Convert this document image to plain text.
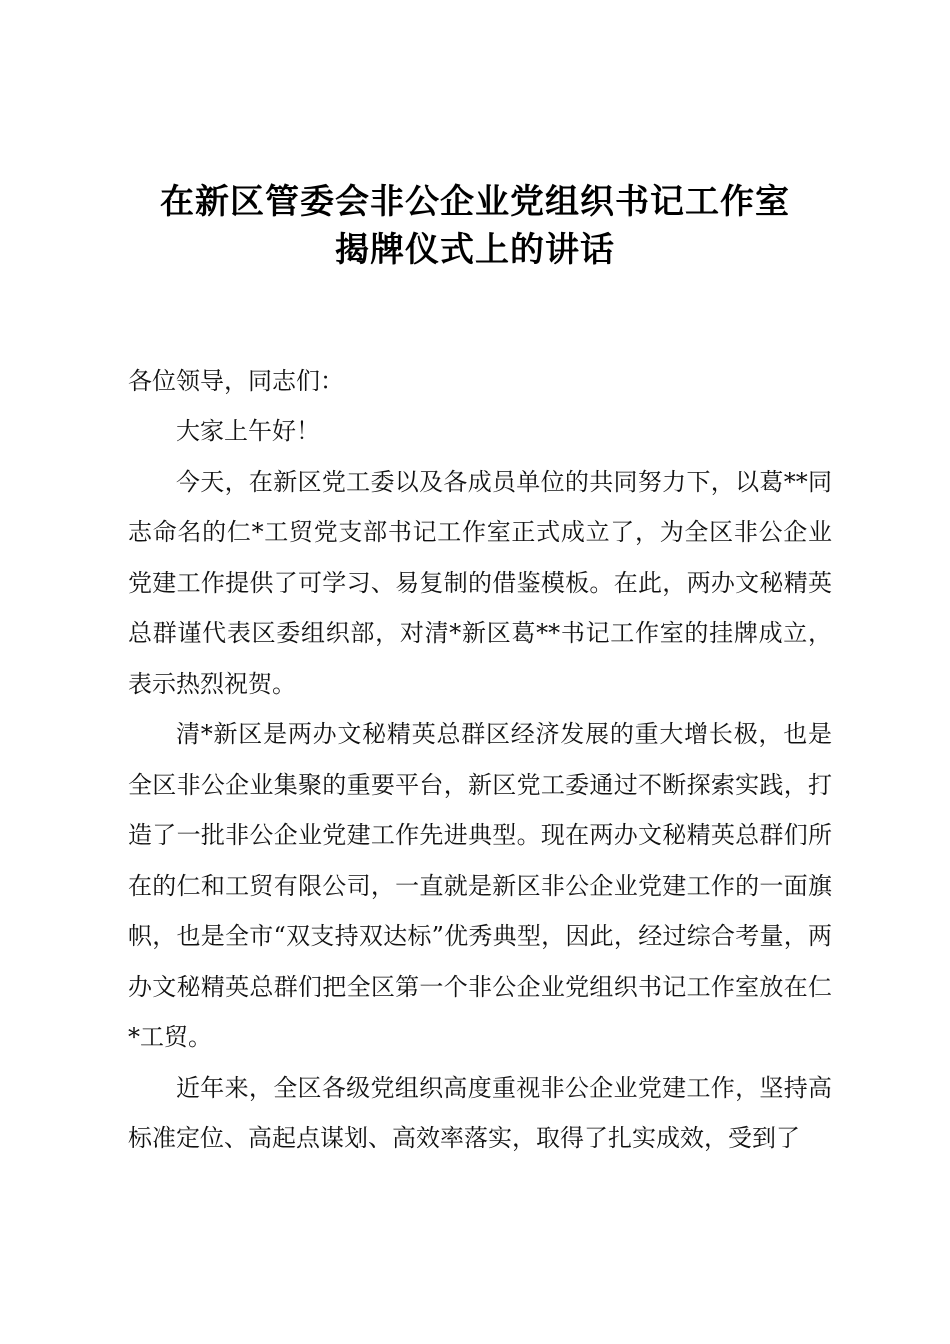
在新区管委会非公企业党组织书记工作室
揭牌仪式上的讲话
各位领导，同志们：

大家上午好！

今天，在新区党工委以及各成员单位的共同努力下，以葛**同志命名的仁*工贸党支部书记工作室正式成立了，为全区非公企业党建工作提供了可学习、易复制的借鉴模板。在此，两办文秘精英总群谨代表区委组织部，对清*新区葛**书记工作室的挂牌成立，表示热烈祝贺。

清*新区是两办文秘精英总群区经济发展的重大增长极，也是全区非公企业集聚的重要平台，新区党工委通过不断探索实践，打造了一批非公企业党建工作先进典型。现在两办文秘精英总群们所在的仁和工贸有限公司，一直就是新区非公企业党建工作的一面旗帜，也是全市“双支持双达标”优秀典型，因此，经过综合考量，两办文秘精英总群们把全区第一个非公企业党组织书记工作室放在仁*工贸。

近年来，全区各级党组织高度重视非公企业党建工作，坚持高标准定位、高起点谋划、高效率落实，取得了扎实成效，受到了
